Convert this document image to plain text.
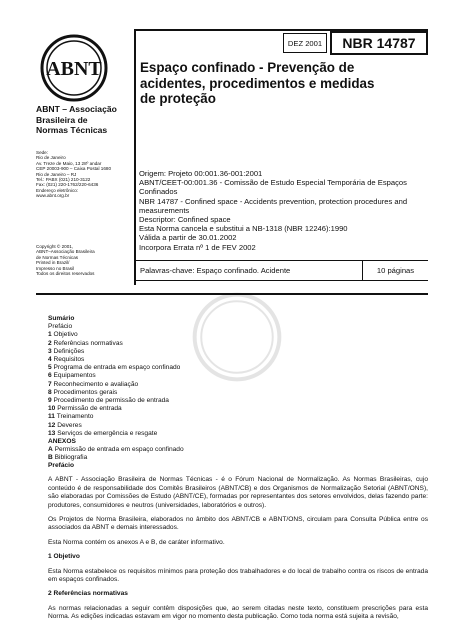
ABNT
ABNT – Associação
Brasileira de
Normas Técnicas
Sede:
Rio de Janeiro
Av. Treze de Maio, 13 28º andar
CEP 20003-900 – Caixa Postal 1680
Rio de Janeiro – RJ
Tel.: PABX (021) 210-3122
Fax: (021) 220-1762/220-6436
Endereço eletrônico:
www.abnt.org.br
Copyright © 2001,
ABNT–Associação Brasileira
de Normas Técnicas
Printed in Brazil/
Impresso no Brasil
Todos os direitos reservados
DEZ 2001 NBR 14787
Espaço confinado - Prevenção de
acidentes, procedimentos e medidas
de proteção
Origem: Projeto 00:001.36-001:2001
ABNT/CEET-00:001.36 - Comissão de Estudo Especial Temporária de Espaços
Confinados
NBR 14787 - Confined space - Accidents prevention, protection procedures and
measurements
Descriptor: Confined space
Esta Norma cancela e substitui a NB-1318 (NBR 12246):1990
Válida a partir de 30.01.2002
Incorpora Errata nº 1 de FEV 2002
Palavras-chave: Espaço confinado. Acidente	10 páginas
Sumário
Prefácio
1 Objetivo
2 Referências normativas
3 Definições
4 Requisitos
5 Programa de entrada em espaço confinado
6 Equipamentos
7 Reconhecimento e avaliação
8 Procedimentos gerais
9 Procedimento de permissão de entrada
10 Permissão de entrada
11 Treinamento
12 Deveres
13 Serviços de emergência e resgate
ANEXOS
A Permissão de entrada em espaço confinado
B Bibliografia

Prefácio

A ABNT - Associação Brasileira de Normas Técnicas - é o Fórum Nacional de Normalização. As Normas Brasileiras, cujo conteúdo é de responsabilidade dos Comitês Brasileiros (ABNT/CB) e dos Organismos de Normalização Setorial (ABNT/ONS), são elaboradas por Comissões de Estudo (ABNT/CE), formadas por representantes dos setores envolvidos, delas fazendo parte: produtores, consumidores e neutros (universidades, laboratórios e outros).

Os Projetos de Norma Brasileira, elaborados no âmbito dos ABNT/CB e ABNT/ONS, circulam para Consulta Pública entre os associados da ABNT e demais interessados.

Esta Norma contém os anexos A e B, de caráter informativo.

1 Objetivo

Esta Norma estabelece os requisitos mínimos para proteção dos trabalhadores e do local de trabalho contra os riscos de entrada em espaços confinados.

2 Referências normativas

As normas relacionadas a seguir contêm disposições que, ao serem citadas neste texto, constituem prescrições para esta Norma. As edições indicadas estavam em vigor no momento desta publicação. Como toda norma está sujeita a revisão,
